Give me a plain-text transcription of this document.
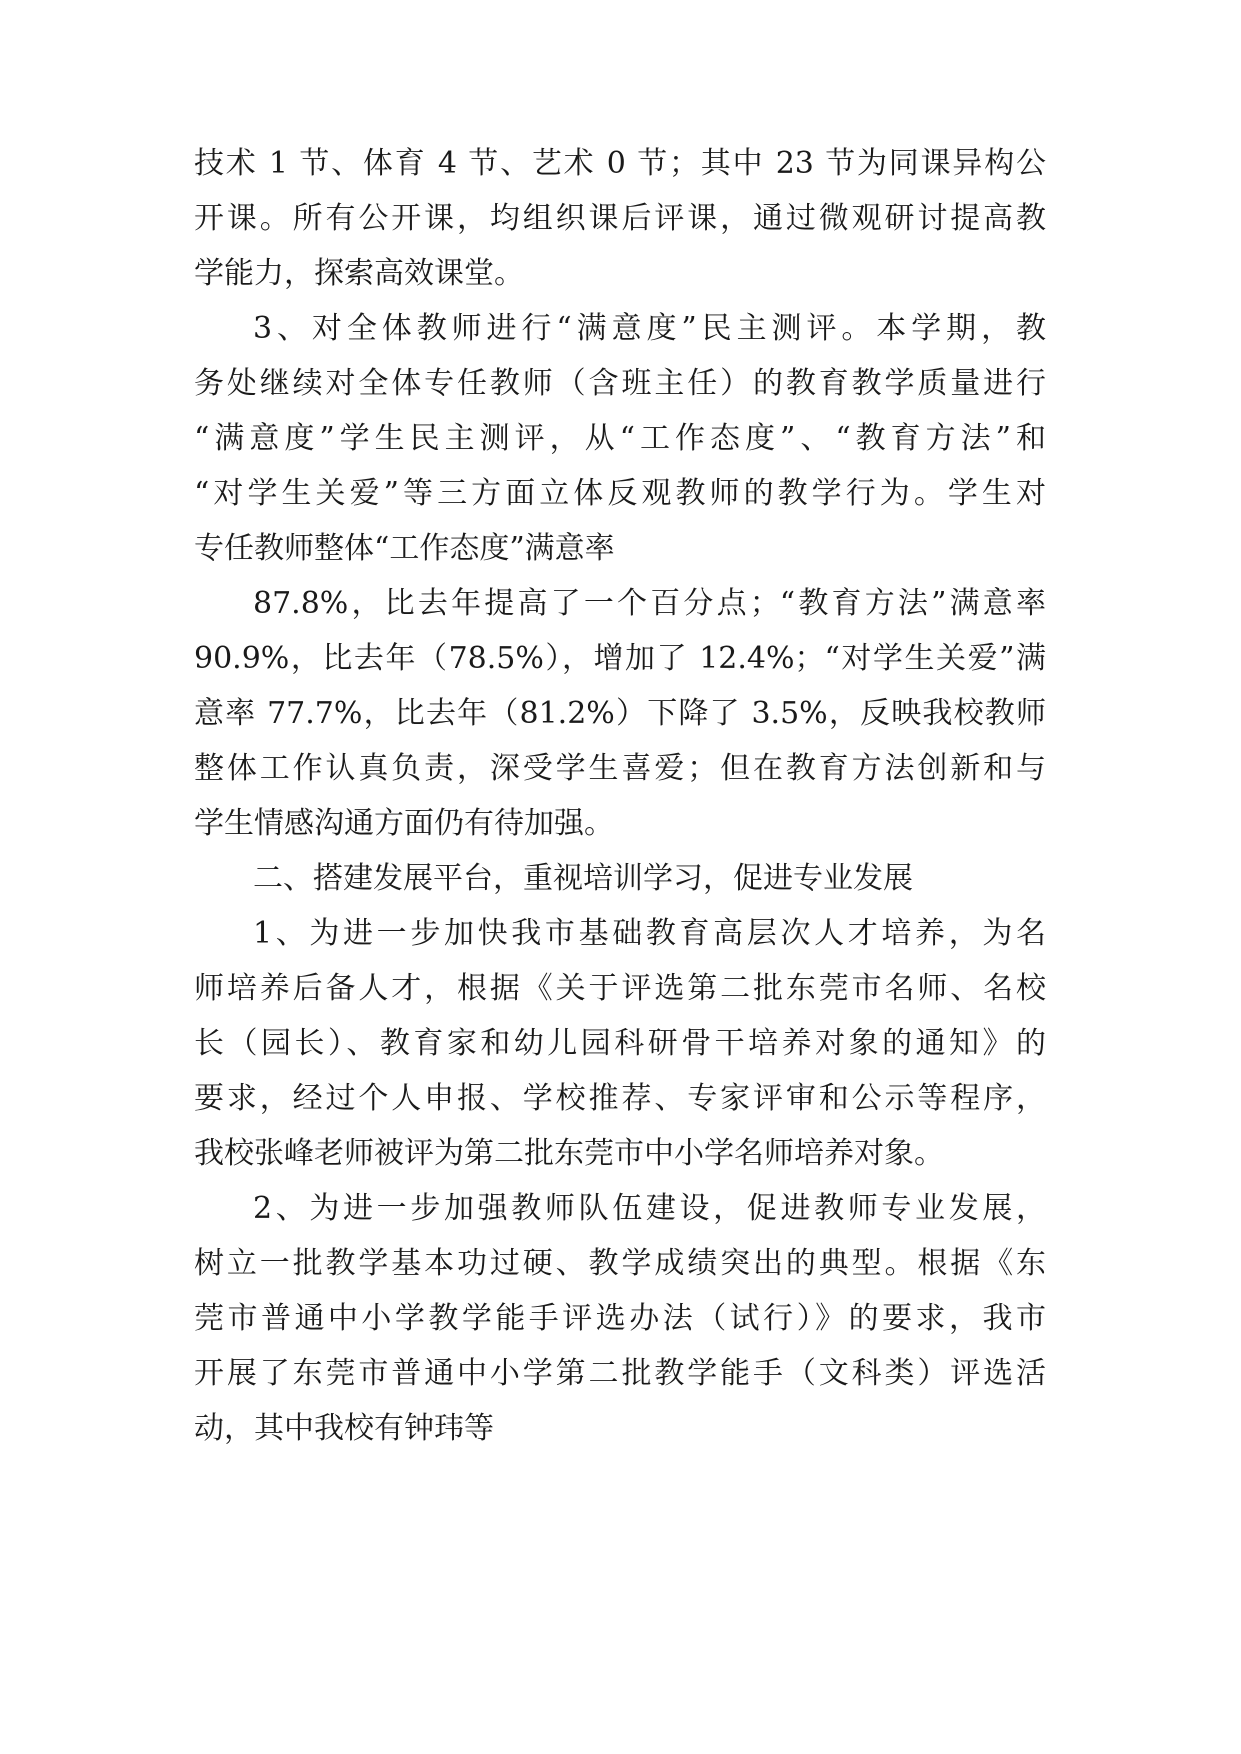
技术 1 节、体育 4 节、艺术 0 节；其中 23 节为同课异构公
开课。所有公开课，均组织课后评课，通过微观研讨提高教
学能力，探索高效课堂。
3、对全体教师进行“满意度”民主测评。本学期，教
务处继续对全体专任教师（含班主任）的教育教学质量进行
“满意度”学生民主测评，从“工作态度”、“教育方法”和
“对学生关爱”等三方面立体反观教师的教学行为。学生对
专任教师整体“工作态度”满意率
87.8%，比去年提高了一个百分点；“教育方法”满意率
90.9%，比去年（78.5%），增加了 12.4%；“对学生关爱”满
意率 77.7%，比去年（81.2%）下降了 3.5%，反映我校教师
整体工作认真负责，深受学生喜爱；但在教育方法创新和与
学生情感沟通方面仍有待加强。
二、搭建发展平台，重视培训学习，促进专业发展
1、为进一步加快我市基础教育高层次人才培养，为名
师培养后备人才，根据《关于评选第二批东莞市名师、名校
长（园长）、教育家和幼儿园科研骨干培养对象的通知》的
要求，经过个人申报、学校推荐、专家评审和公示等程序，
我校张峰老师被评为第二批东莞市中小学名师培养对象。
2、为进一步加强教师队伍建设，促进教师专业发展，
树立一批教学基本功过硬、教学成绩突出的典型。根据《东
莞市普通中小学教学能手评选办法（试行）》的要求，我市
开展了东莞市普通中小学第二批教学能手（文科类）评选活
动，其中我校有钟玮等
